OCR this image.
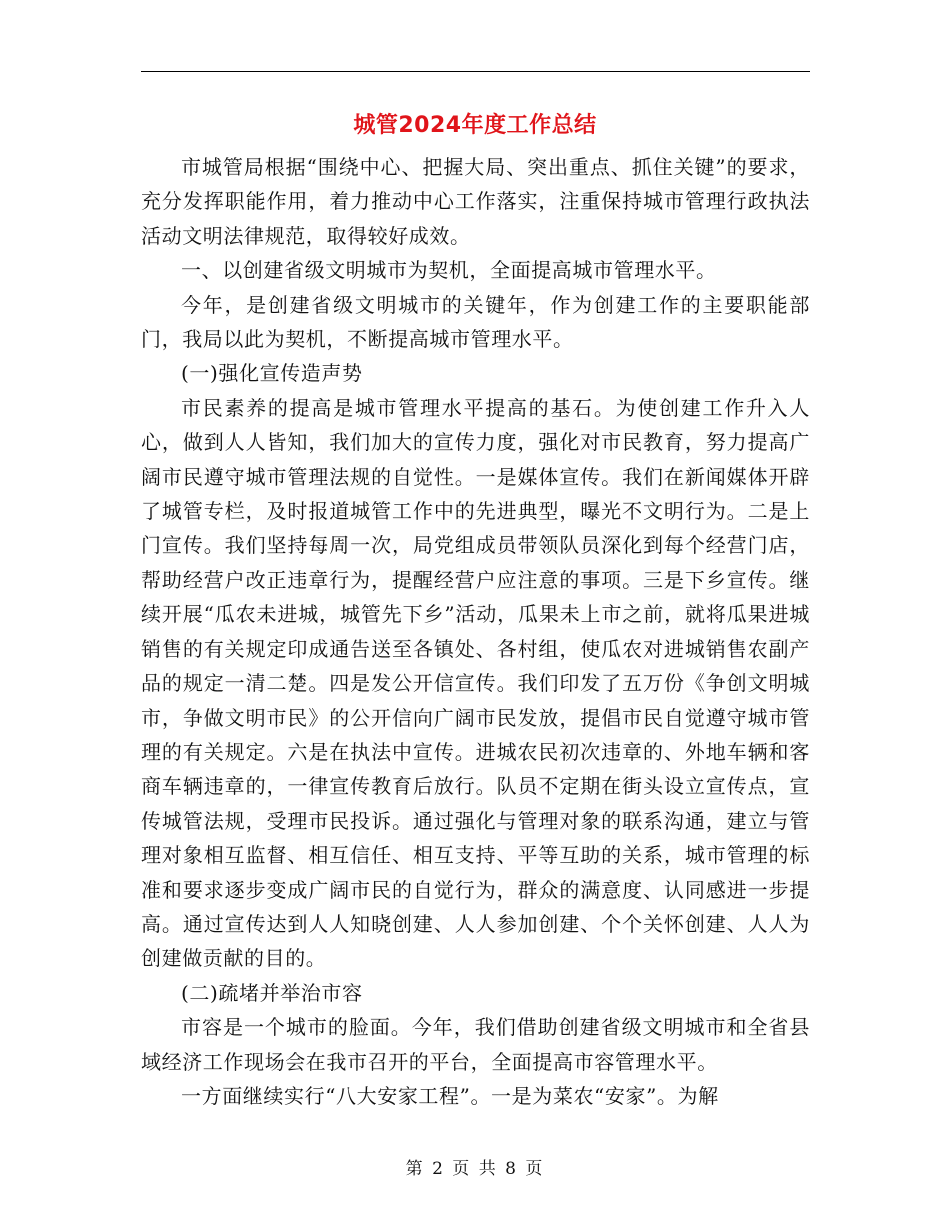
城管2024年度工作总结

市城管局根据“围绕中心、把握大局、突出重点、抓住关键”的要求，充分发挥职能作用，着力推动中心工作落实，注重保持城市管理行政执法活动文明法律规范，取得较好成效。

一、以创建省级文明城市为契机，全面提高城市管理水平。

今年，是创建省级文明城市的关键年，作为创建工作的主要职能部门，我局以此为契机，不断提高城市管理水平。

(一)强化宣传造声势

市民素养的提高是城市管理水平提高的基石。为使创建工作升入人心，做到人人皆知，我们加大的宣传力度，强化对市民教育，努力提高广阔市民遵守城市管理法规的自觉性。一是媒体宣传。我们在新闻媒体开辟了城管专栏，及时报道城管工作中的先进典型，曝光不文明行为。二是上门宣传。我们坚持每周一次，局党组成员带领队员深化到每个经营门店，帮助经营户改正违章行为，提醒经营户应注意的事项。三是下乡宣传。继续开展“瓜农未进城，城管先下乡”活动，瓜果未上市之前，就将瓜果进城销售的有关规定印成通告送至各镇处、各村组，使瓜农对进城销售农副产品的规定一清二楚。四是发公开信宣传。我们印发了五万份《争创文明城市，争做文明市民》的公开信向广阔市民发放，提倡市民自觉遵守城市管理的有关规定。六是在执法中宣传。进城农民初次违章的、外地车辆和客商车辆违章的，一律宣传教育后放行。队员不定期在街头设立宣传点，宣传城管法规，受理市民投诉。通过强化与管理对象的联系沟通，建立与管理对象相互监督、相互信任、相互支持、平等互助的关系，城市管理的标准和要求逐步变成广阔市民的自觉行为，群众的满意度、认同感进一步提高。通过宣传达到人人知晓创建、人人参加创建、个个关怀创建、人人为创建做贡献的目的。

(二)疏堵并举治市容

市容是一个城市的脸面。今年，我们借助创建省级文明城市和全省县域经济工作现场会在我市召开的平台，全面提高市容管理水平。

一方面继续实行“八大安家工程”。一是为菜农“安家”。为解

第 2 页 共 8 页
